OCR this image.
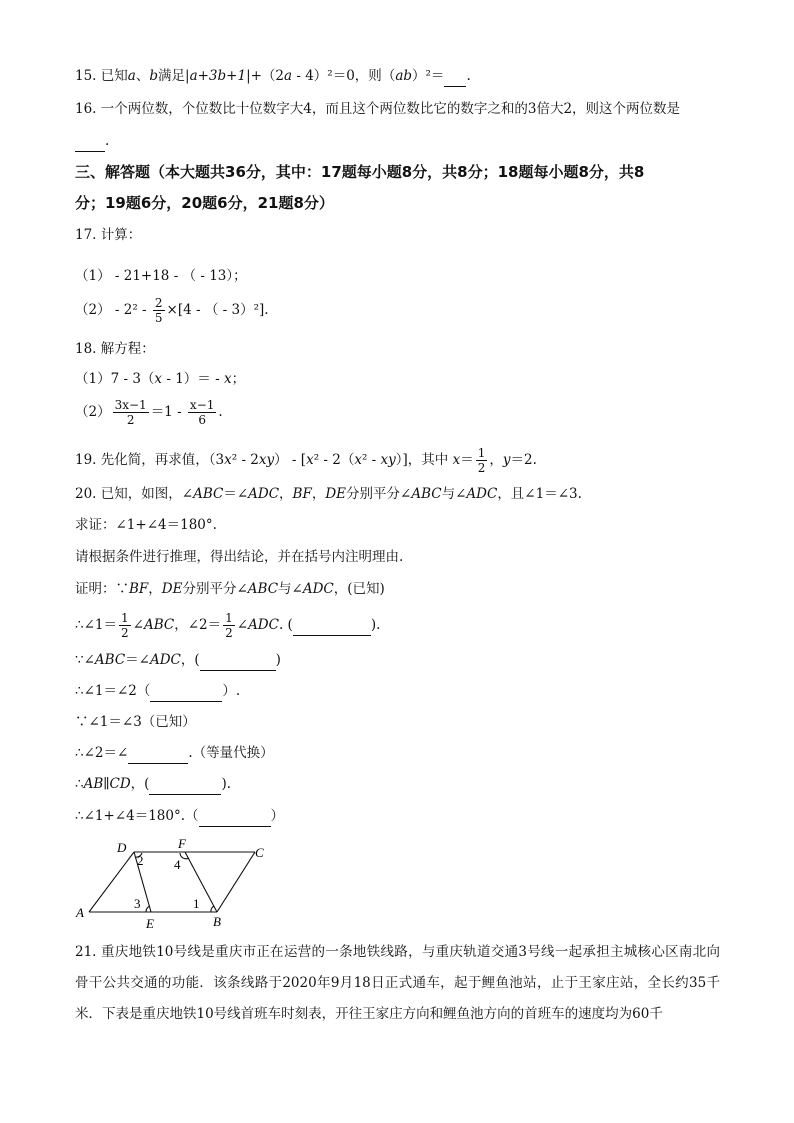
15. 已知a、b满足|a+3b+1|+（2a - 4）²＝0，则（ab）²＝ .
16. 一个两位数，个位数比十位数字大4，而且这个两位数比它的数字之和的3倍大2，则这个两位数是
.
三、解答题（本大题共36分，其中：17题每小题8分，共8分；18题每小题8分，共8
分；19题6分，20题6分，21题8分）
17. 计算：
（1） - 21+18 - （ - 13）；
$(2) - 2^2 - \frac{2}{5} \times[4$ - （ - 3）²].
18. 解方程：
（1）7 - 3（x - 1）＝ - x；
$(2) \frac{3x-1}{2} =1 - \frac{x-1}{6}$ .
19. 先化简，再求值，（3x² - 2xy） - [x² - 2（x² - xy）]，其中 $x= \frac{1}{2}$ ，y＝2.
20. 已知，如图，∠ABC＝∠ADC，BF，DE分别平分∠ABC与∠ADC，且∠1＝∠3.
求证：∠1+∠4＝180°.
请根据条件进行推理，得出结论，并在括号内注明理由.
证明：∵BF，DE分别平分∠ABC与∠ADC，(已知)
∴∠1＝ $\frac{1}{2}$ ∠ABC，∠2＝ $\frac{1}{2}$ ∠ADC. (	).
∵∠ABC＝∠ADC，(	)
∴∠1＝∠2（	）.
∵∠1＝∠3（已知）
∴∠2＝∠	.（等量代换）
∴AB∥CD，(	).
∴∠1+∠4＝180°.（	）
A
B
C
D
E
F
1
2
3
4
21. 重庆地铁10号线是重庆市正在运营的一条地铁线路，与重庆轨道交通3号线一起承担主城核心区南北向骨干公共交通的功能．该条线路于2020年9月18日正式通车，起于鲤鱼池站，止于王家庄站，全长约35千米．下表是重庆地铁10号线首班车时刻表，开往王家庄方向和鲤鱼池方向的首班车的速度均为60千
